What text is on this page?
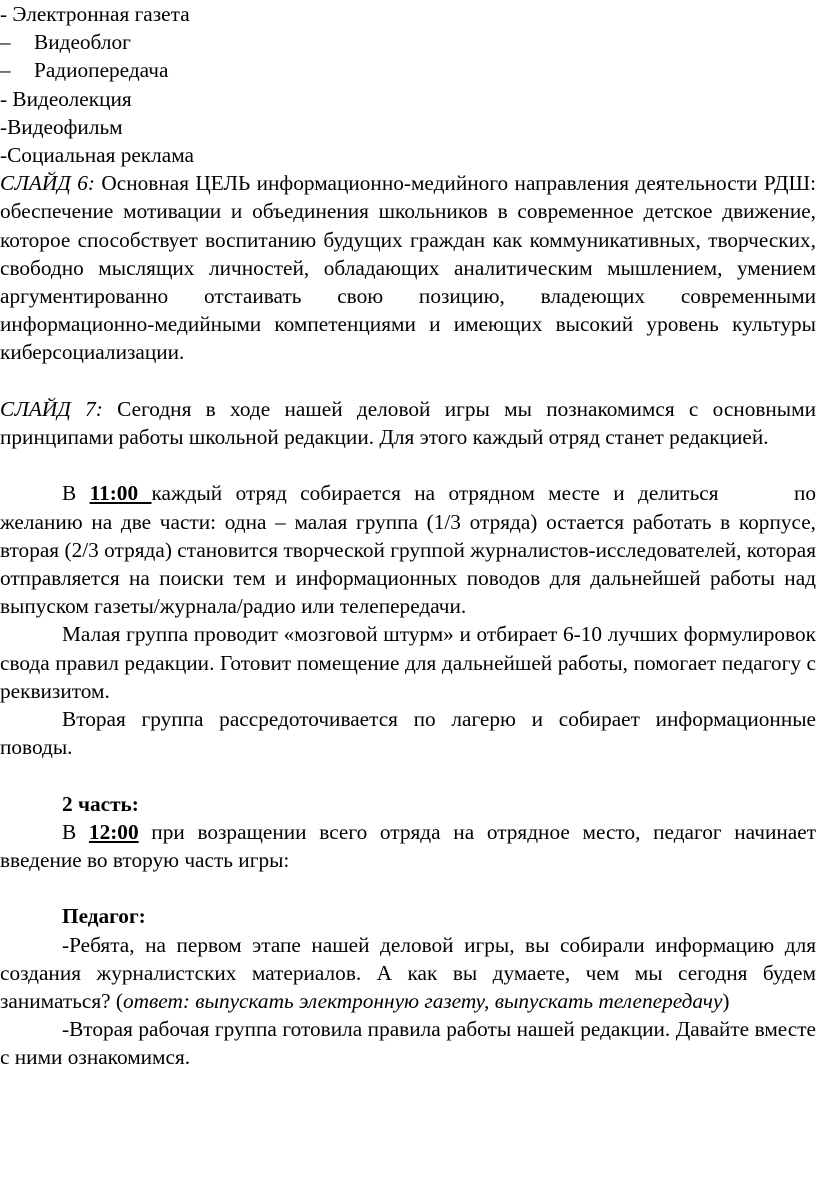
- Электронная газета
– Видеоблог
– Радиопередача
- Видеолекция
-Видеофильм
-Социальная реклама

СЛАЙД 6: Основная ЦЕЛЬ информационно-медийного направления деятельности РДШ: обеспечение мотивации и объединения школьников в современное детское движение, которое способствует воспитанию будущих граждан как коммуникативных, творческих, свободно мыслящих личностей, обладающих аналитическим мышлением, умением аргументированно отстаивать свою позицию, владеющих современными информационно-медийными компетенциями и имеющих высокий уровень культуры киберсоциализации.

СЛАЙД 7: Сегодня в ходе нашей деловой игры мы познакомимся с основными принципами работы школьной редакции. Для этого каждый отряд станет редакцией.

В 11:00 каждый отряд собирается на отрядном месте и делиться	по желанию на две части: одна – малая группа (1/3 отряда) остается работать в корпусе, вторая (2/3 отряда) становится творческой группой журналистов-исследователей, которая отправляется на поиски тем и информационных поводов для дальнейшей работы над выпуском газеты/журнала/радио или телепередачи.

Малая группа проводит «мозговой штурм» и отбирает 6-10 лучших формулировок свода правил редакции. Готовит помещение для дальнейшей работы, помогает педагогу с реквизитом.

Вторая группа рассредоточивается по лагерю и собирает информационные поводы.

2 часть:

В 12:00 при возращении всего отряда на отрядное место, педагог начинает введение во вторую часть игры:

Педагог:

-Ребята, на первом этапе нашей деловой игры, вы собирали информацию для создания журналистских материалов. А как вы думаете, чем мы сегодня будем заниматься? (ответ: выпускать электронную газету, выпускать телепередачу)

-Вторая рабочая группа готовила правила работы нашей редакции. Давайте вместе с ними ознакомимся.
